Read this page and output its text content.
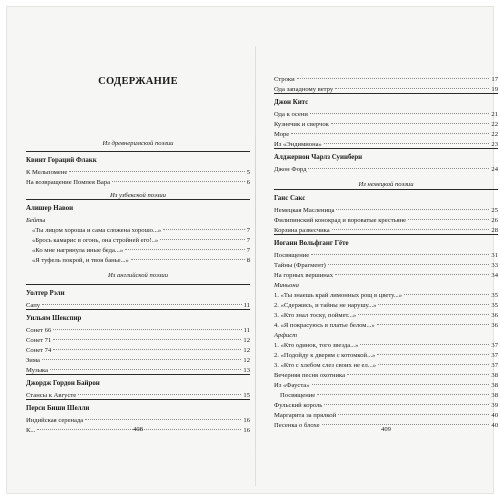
СОДЕРЖАНИЕ
Из древнеримской поэзии
Квинт Гораций Флакк
К Мельпомене	5
На возвращение Помпея Вара	6
Из узбекской поэзии
Алишер Навои
Бейты
«Ты лицом хороша и сама сложена хорошо...»	7
«Брось камарис в огонь, она стройней его!..»	7
«Ко мне нагрянула иные беда...»	7
«Я туфель покрой, и твоя банье...»	8
Из английской поэзии
Уолтер Рэли
Сапу	11
Уильям Шекспир
Сонет 66	11
Сонет 71	12
Сонет 74	12
Зима	12
Музыка	13
Джордж Гордон Байрон
Стансы к Августе	15
Перси Биши Шелли
Индийская серенада	16
К...	16
408
Строки	17
Ода западному ветру	19
Джон Китс
Ода к осени	21
Кузнечик и сверчок	22
Море	22
Из «Эндимиона»	23
Алджернон Чарлз Суинберн
Джон Форд	24
Из немецкой поэзии
Ганс Сакс
Немецкая Масленица	25
Филипинский конокрад и вороватые крестьяне	26
Корзина развесчика	28
Иоганн Вольфганг Гёте
Посвящение	31
Тайны (Фрагмент)	33
На горных вершинах	34
Миньона
1. «Ты знаешь край лимонных рощ в цвету...»	35
2. «Сдержись, и тайны не нарушу...»	35
3. «Кто знал тоску, поймет...»	36
4. «Я покрасуюсь в платье белом...»	36
Арфист
1. «Кто одинок, того звезда...»	37
2. «Подойду к дверям с котомкой...»	37
3. «Кто с хлебом слез своих не ел...»	37
Вечерняя песня охотника	38
Из «Фауста»	38
Посвящение	38
Фульский король	39
Маргарита за прялкой	40
Песенка о блохе	40
409
